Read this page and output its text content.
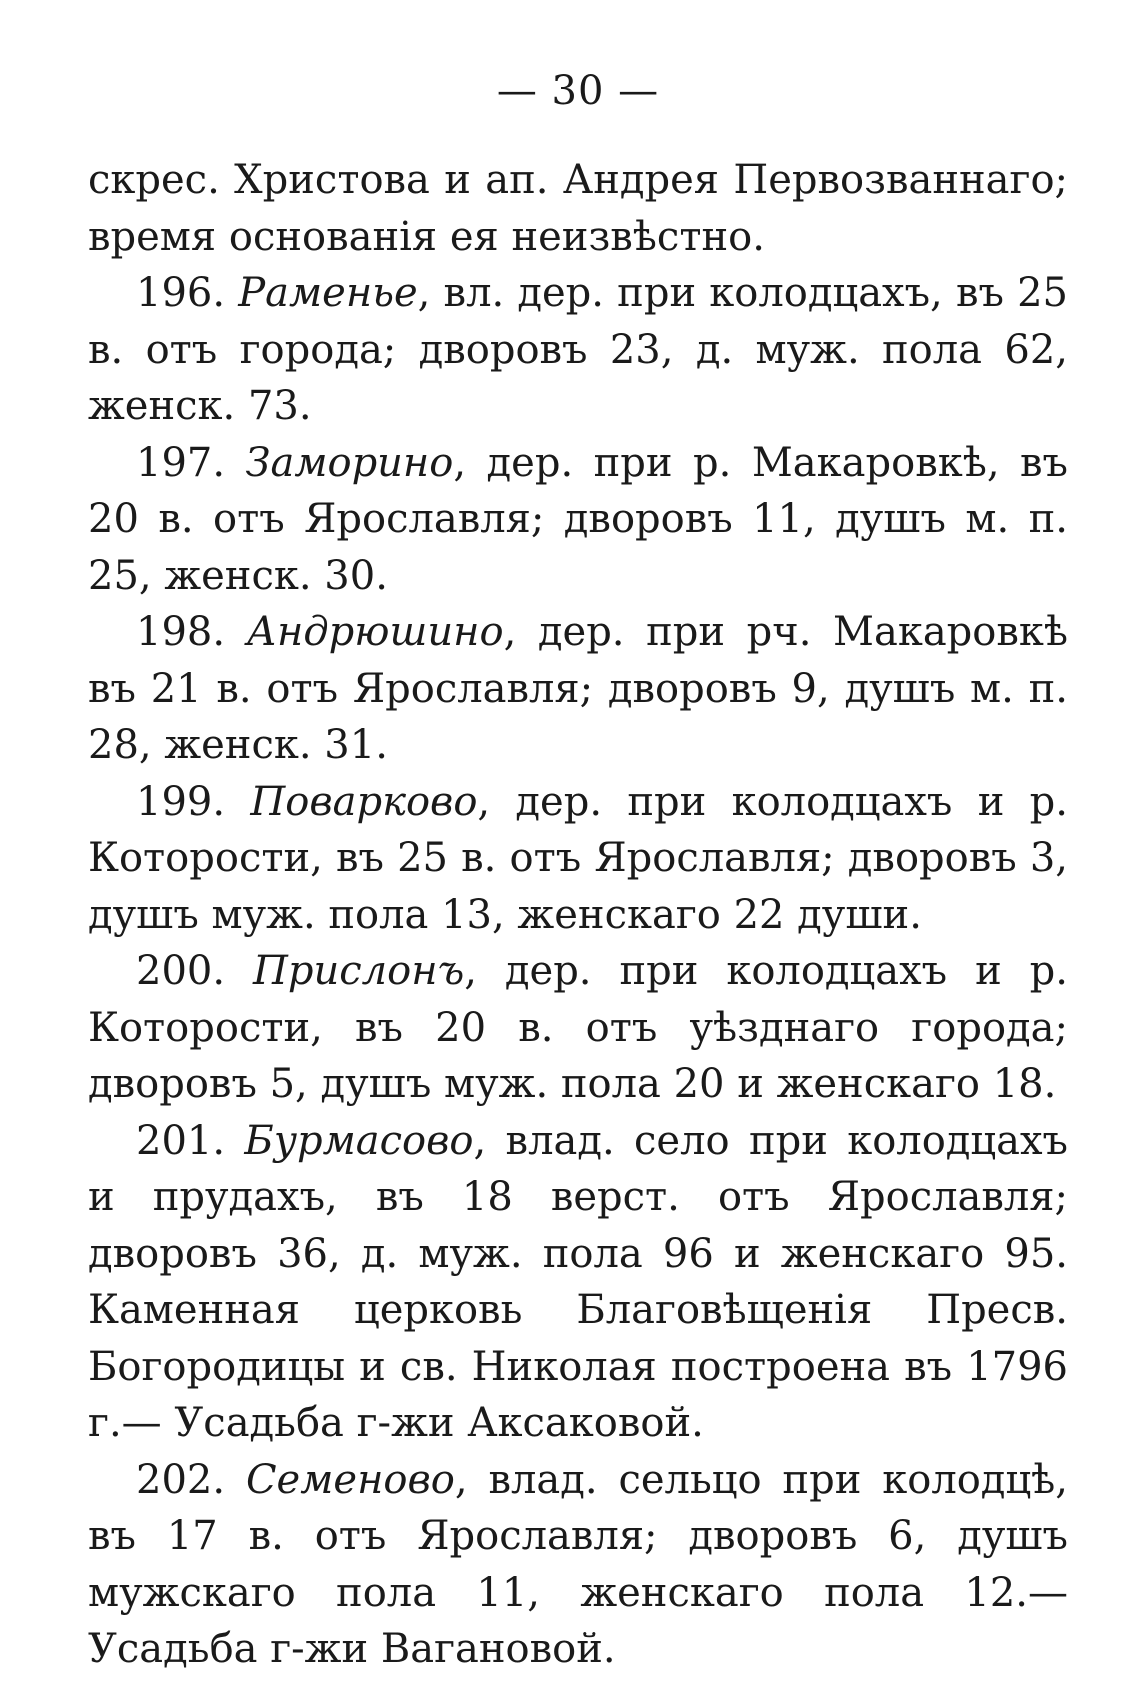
— 30 —

скрес. Христова и ап. Андрея Первозваннаго; время основанія ея неизвѣстно.

196. Раменье, вл. дер. при колодцахъ, въ 25 в. отъ города; дворовъ 23, д. муж. пола 62, женск. 73.

197. Заморино, дер. при р. Макаровкѣ, въ 20 в. отъ Ярославля; дворовъ 11, душъ м. п. 25, женск. 30.

198. Андрюшино, дер. при рч. Макаровкѣ въ 21 в. отъ Ярославля; дворовъ 9, душъ м. п. 28, женск. 31.

199. Поварково, дер. при колодцахъ и р. Которости, въ 25 в. отъ Ярославля; дворовъ 3, душъ муж. пола 13, женскаго 22 души.

200. Прислонъ, дер. при колодцахъ и р. Которости, въ 20 в. отъ уѣзднаго города; дворовъ 5, душъ муж. пола 20 и женскаго 18.

201. Бурмасово, влад. село при колодцахъ и прудахъ, въ 18 верст. отъ Ярославля; дворовъ 36, д. муж. пола 96 и женскаго 95. Каменная церковь Благовѣщенія Пресв. Богородицы и св. Николая построена въ 1796 г.— Усадьба г-жи Аксаковой.

202. Семеново, влад. сельцо при колодцѣ, въ 17 в. отъ Ярославля; дворовъ 6, душъ мужскаго пола 11, женскаго пола 12.—Усадьба г-жи Вагановой.
